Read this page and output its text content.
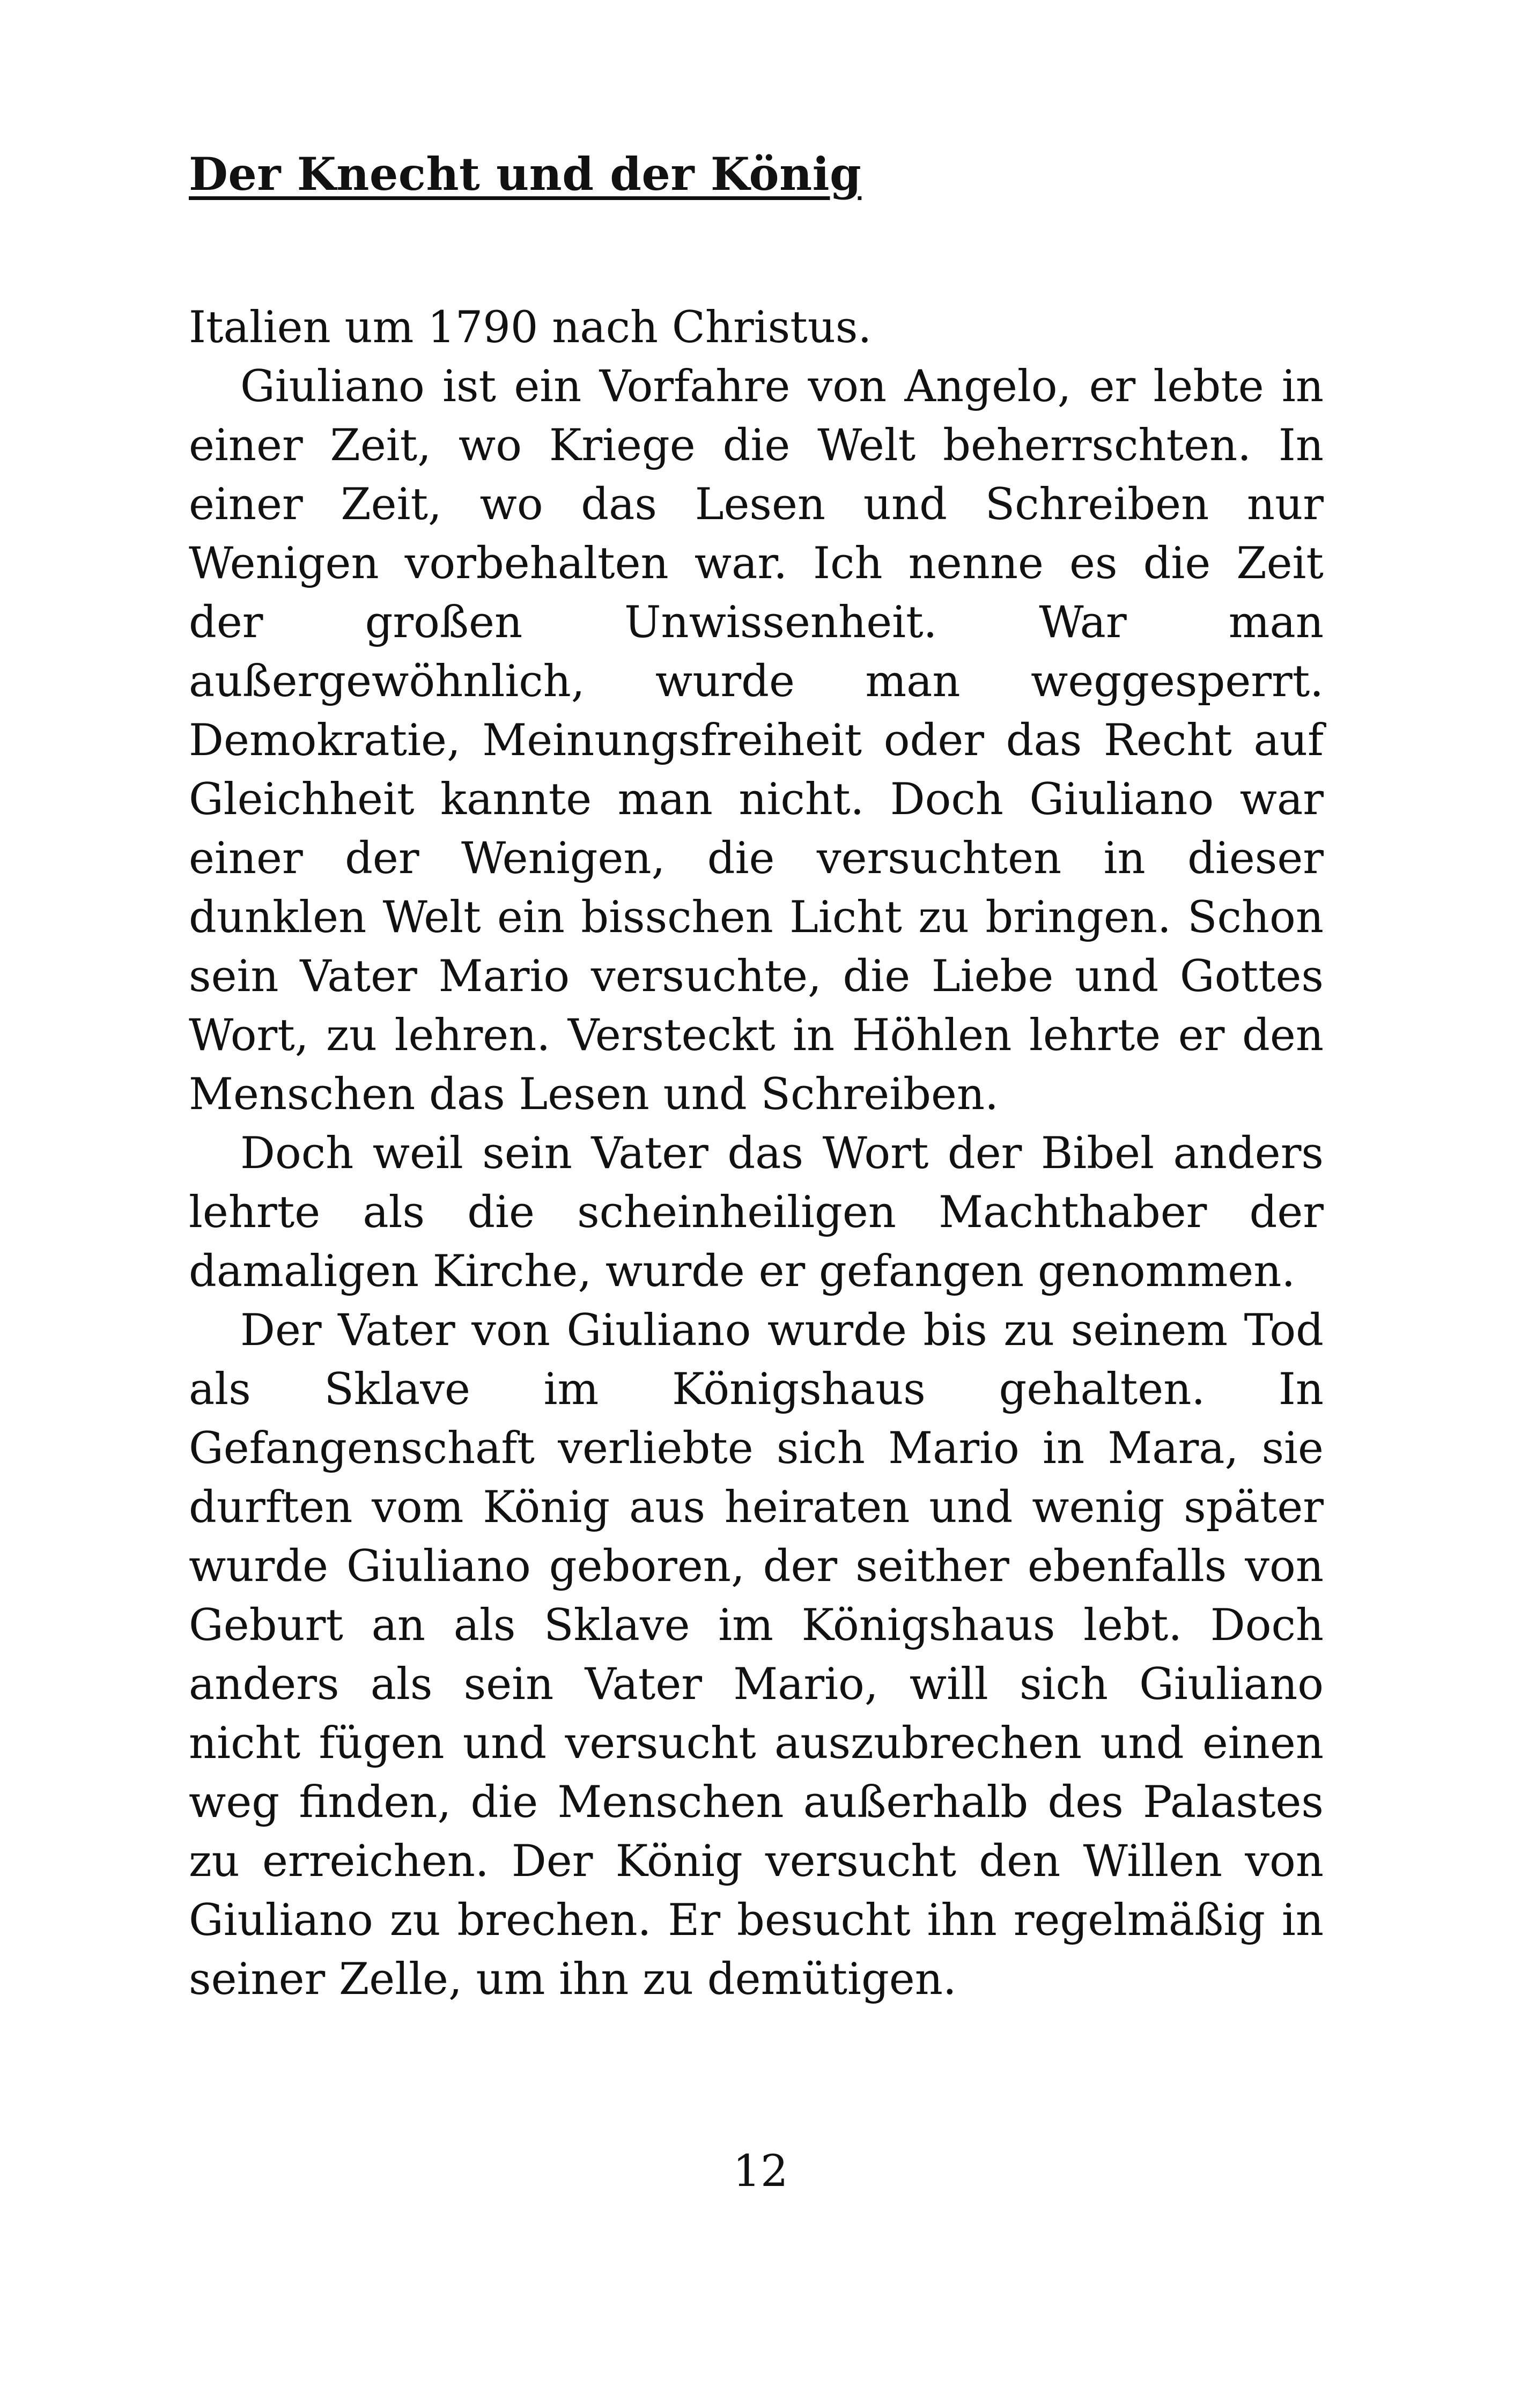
Der Knecht und der König

Italien um 1790 nach Christus.

Giuliano ist ein Vorfahre von Angelo, er lebte in einer Zeit, wo Kriege die Welt beherrschten. In einer Zeit, wo das Lesen und Schreiben nur Wenigen vorbehalten war. Ich nenne es die Zeit der großen Unwissenheit. War man außergewöhnlich, wurde man weggesperrt. Demokratie, Meinungsfreiheit oder das Recht auf Gleichheit kannte man nicht. Doch Giuliano war einer der Wenigen, die versuchten in dieser dunklen Welt ein bisschen Licht zu bringen. Schon sein Vater Mario versuchte, die Liebe und Gottes Wort, zu lehren. Versteckt in Höhlen lehrte er den Menschen das Lesen und Schreiben.

Doch weil sein Vater das Wort der Bibel anders lehrte als die scheinheiligen Machthaber der damaligen Kirche, wurde er gefangen genommen.

Der Vater von Giuliano wurde bis zu seinem Tod als Sklave im Königshaus gehalten. In Gefangenschaft verliebte sich Mario in Mara, sie durften vom König aus heiraten und wenig später wurde Giuliano geboren, der seither ebenfalls von Geburt an als Sklave im Königshaus lebt. Doch anders als sein Vater Mario, will sich Giuliano nicht fügen und versucht auszubrechen und einen weg finden, die Menschen außerhalb des Palastes zu erreichen. Der König versucht den Willen von Giuliano zu brechen. Er besucht ihn regelmäßig in seiner Zelle, um ihn zu demütigen.

12
